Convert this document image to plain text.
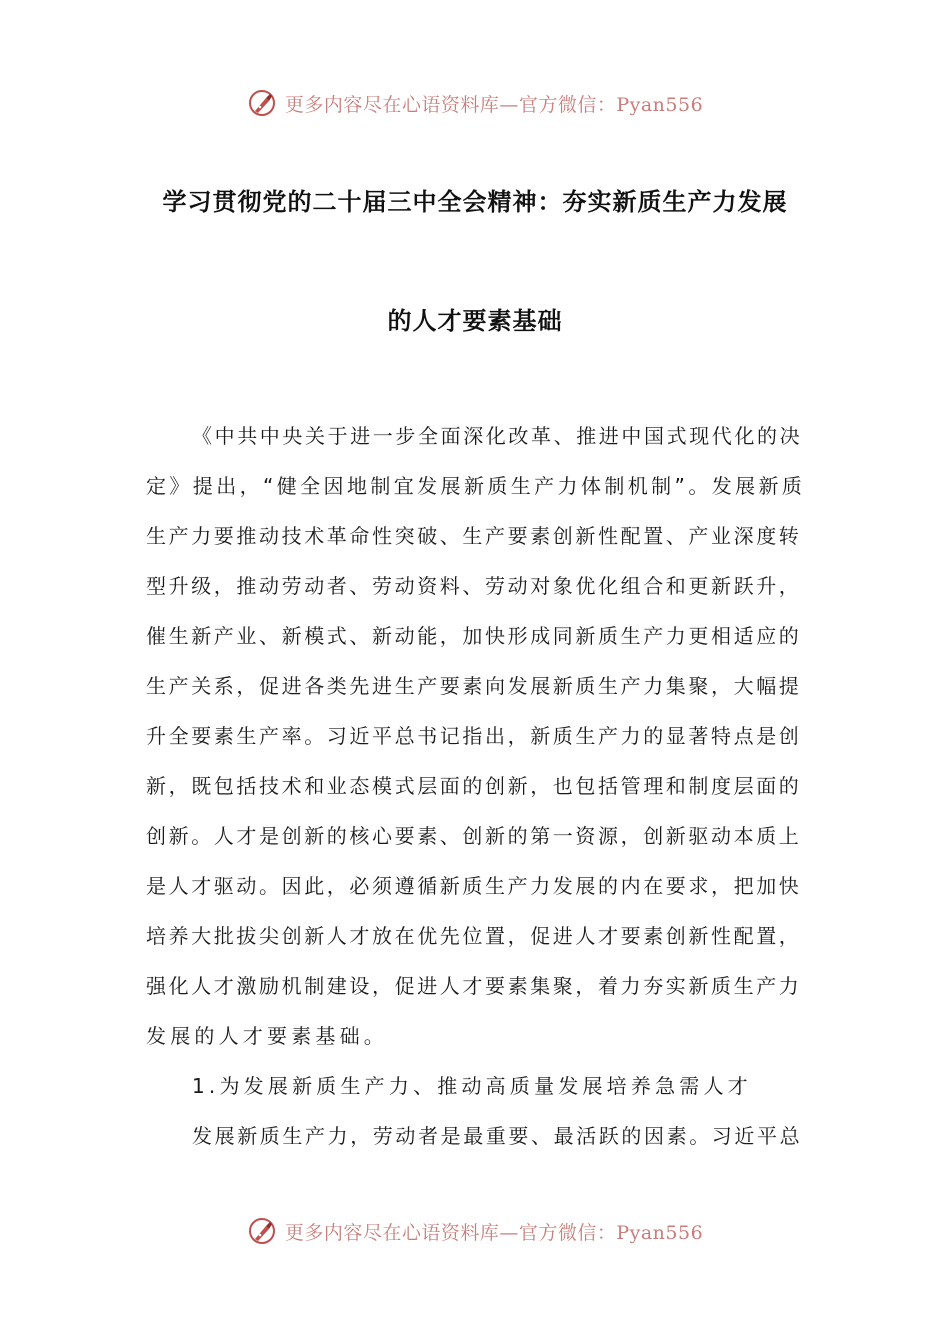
更多内容尽在心语资料库—官方微信：Pyan556
学习贯彻党的二十届三中全会精神：夯实新质生产力发展
的人才要素基础
《中共中央关于进一步全面深化改革、推进中国式现代化的决
定》提出，“健全因地制宜发展新质生产力体制机制”。发展新质
生产力要推动技术革命性突破、生产要素创新性配置、产业深度转
型升级，推动劳动者、劳动资料、劳动对象优化组合和更新跃升，
催生新产业、新模式、新动能，加快形成同新质生产力更相适应的
生产关系，促进各类先进生产要素向发展新质生产力集聚，大幅提
升全要素生产率。习近平总书记指出，新质生产力的显著特点是创
新，既包括技术和业态模式层面的创新，也包括管理和制度层面的
创新。人才是创新的核心要素、创新的第一资源，创新驱动本质上
是人才驱动。因此，必须遵循新质生产力发展的内在要求，把加快
培养大批拔尖创新人才放在优先位置，促进人才要素创新性配置，
强化人才激励机制建设，促进人才要素集聚，着力夯实新质生产力
发展的人才要素基础。
1.为发展新质生产力、推动高质量发展培养急需人才
发展新质生产力，劳动者是最重要、最活跃的因素。习近平总
更多内容尽在心语资料库—官方微信：Pyan556
